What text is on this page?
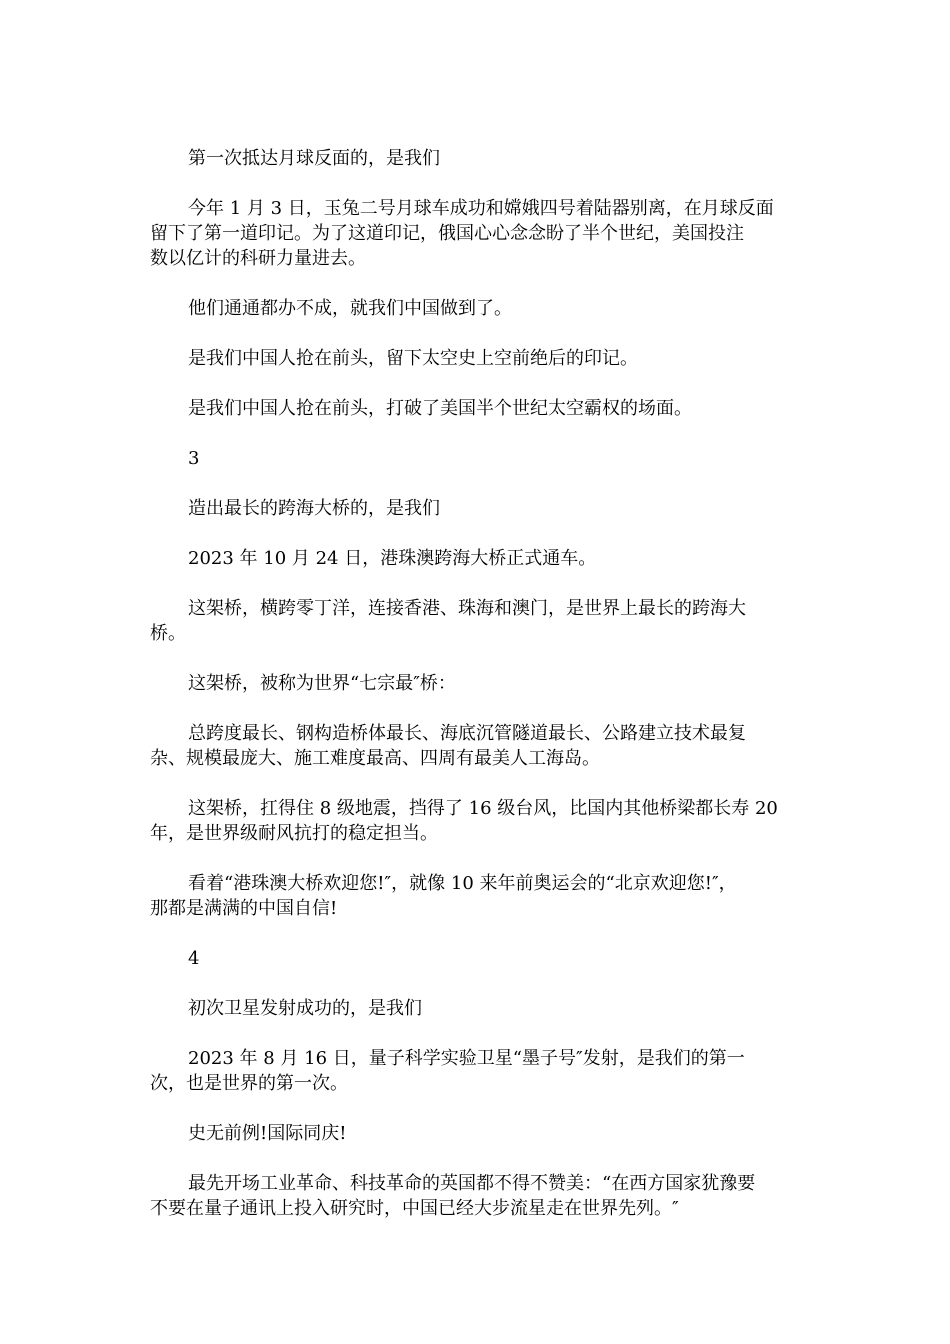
第一次抵达月球反面的，是我们

今年 1 月 3 日，玉兔二号月球车成功和嫦娥四号着陆器别离，在月球反面
留下了第一道印记。为了这道印记，俄国心心念念盼了半个世纪，美国投注
数以亿计的科研力量进去。

他们通通都办不成，就我们中国做到了。

是我们中国人抢在前头，留下太空史上空前绝后的印记。

是我们中国人抢在前头，打破了美国半个世纪太空霸权的场面。

3

造出最长的跨海大桥的，是我们

2023 年 10 月 24 日，港珠澳跨海大桥正式通车。

这架桥，横跨零丁洋，连接香港、珠海和澳门，是世界上最长的跨海大
桥。

这架桥，被称为世界“七宗最″桥：

总跨度最长、钢构造桥体最长、海底沉管隧道最长、公路建立技术最复
杂、规模最庞大、施工难度最高、四周有最美人工海岛。

这架桥，扛得住 8 级地震，挡得了 16 级台风，比国内其他桥梁都长寿 20
年，是世界级耐风抗打的稳定担当。

看着“港珠澳大桥欢迎您!″，就像 10 来年前奥运会的“北京欢迎您!″，
那都是满满的中国自信!

4

初次卫星发射成功的，是我们

2023 年 8 月 16 日，量子科学实验卫星“墨子号″发射，是我们的第一
次，也是世界的第一次。

史无前例!国际同庆!

最先开场工业革命、科技革命的英国都不得不赞美：“在西方国家犹豫要
不要在量子通讯上投入研究时，中国已经大步流星走在世界先列。″
